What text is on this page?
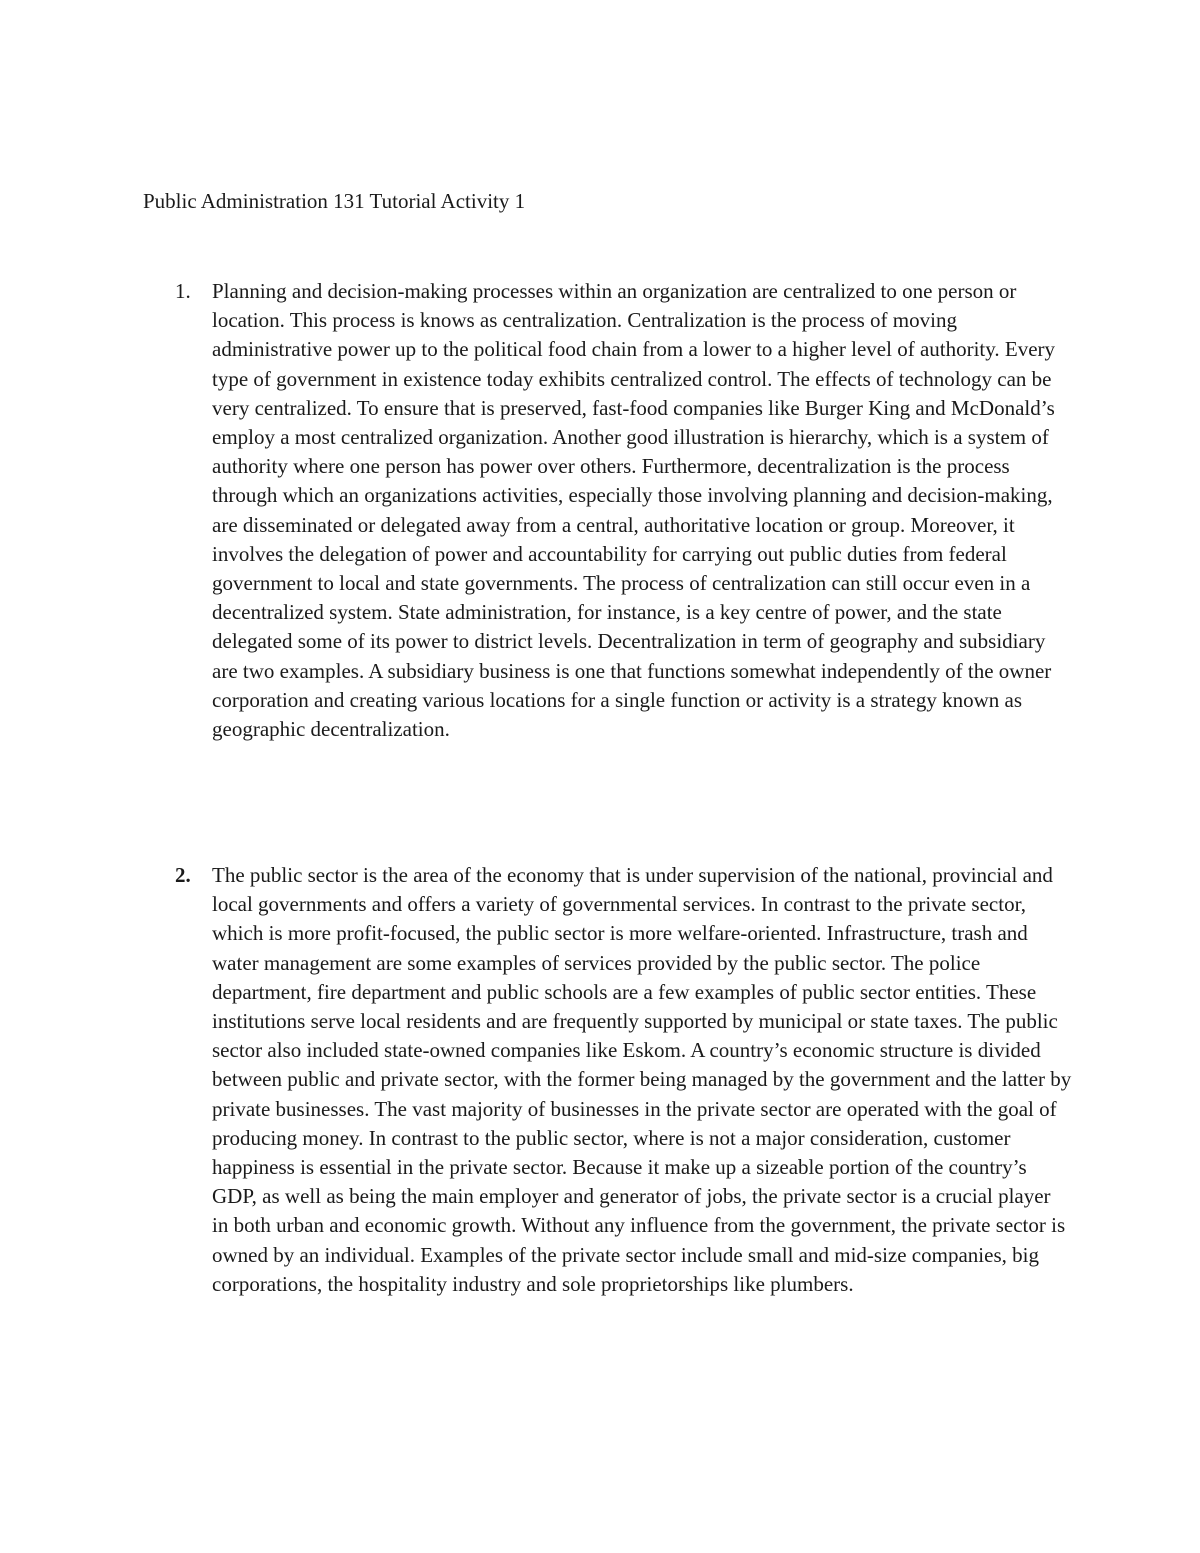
Public Administration 131 Tutorial Activity 1
1. Planning and decision-making processes within an organization are centralized to one person or location. This process is knows as centralization. Centralization is the process of moving administrative power up to the political food chain from a lower to a higher level of authority. Every type of government in existence today exhibits centralized control. The effects of technology can be very centralized. To ensure that is preserved, fast-food companies like Burger King and McDonald’s employ a most centralized organization. Another good illustration is hierarchy, which is a system of authority where one person has power over others. Furthermore, decentralization is the process through which an organizations activities, especially those involving planning and decision-making, are disseminated or delegated away from a central, authoritative location or group. Moreover, it involves the delegation of power and accountability for carrying out public duties from federal government to local and state governments. The process of centralization can still occur even in a decentralized system. State administration, for instance, is a key centre of power, and the state delegated some of its power to district levels. Decentralization in term of geography and subsidiary are two examples. A subsidiary business is one that functions somewhat independently of the owner corporation and creating various locations for a single function or activity is a strategy known as geographic decentralization.

2. The public sector is the area of the economy that is under supervision of the national, provincial and local governments and offers a variety of governmental services. In contrast to the private sector, which is more profit-focused, the public sector is more welfare-oriented. Infrastructure, trash and water management are some examples of services provided by the public sector. The police department, fire department and public schools are a few examples of public sector entities. These institutions serve local residents and are frequently supported by municipal or state taxes. The public sector also included state-owned companies like Eskom. A country’s economic structure is divided between public and private sector, with the former being managed by the government and the latter by private businesses. The vast majority of businesses in the private sector are operated with the goal of producing money. In contrast to the public sector, where is not a major consideration, customer happiness is essential in the private sector. Because it make up a sizeable portion of the country’s GDP, as well as being the main employer and generator of jobs, the private sector is a crucial player in both urban and economic growth. Without any influence from the government, the private sector is owned by an individual. Examples of the private sector include small and mid-size companies, big corporations, the hospitality industry and sole proprietorships like plumbers.
